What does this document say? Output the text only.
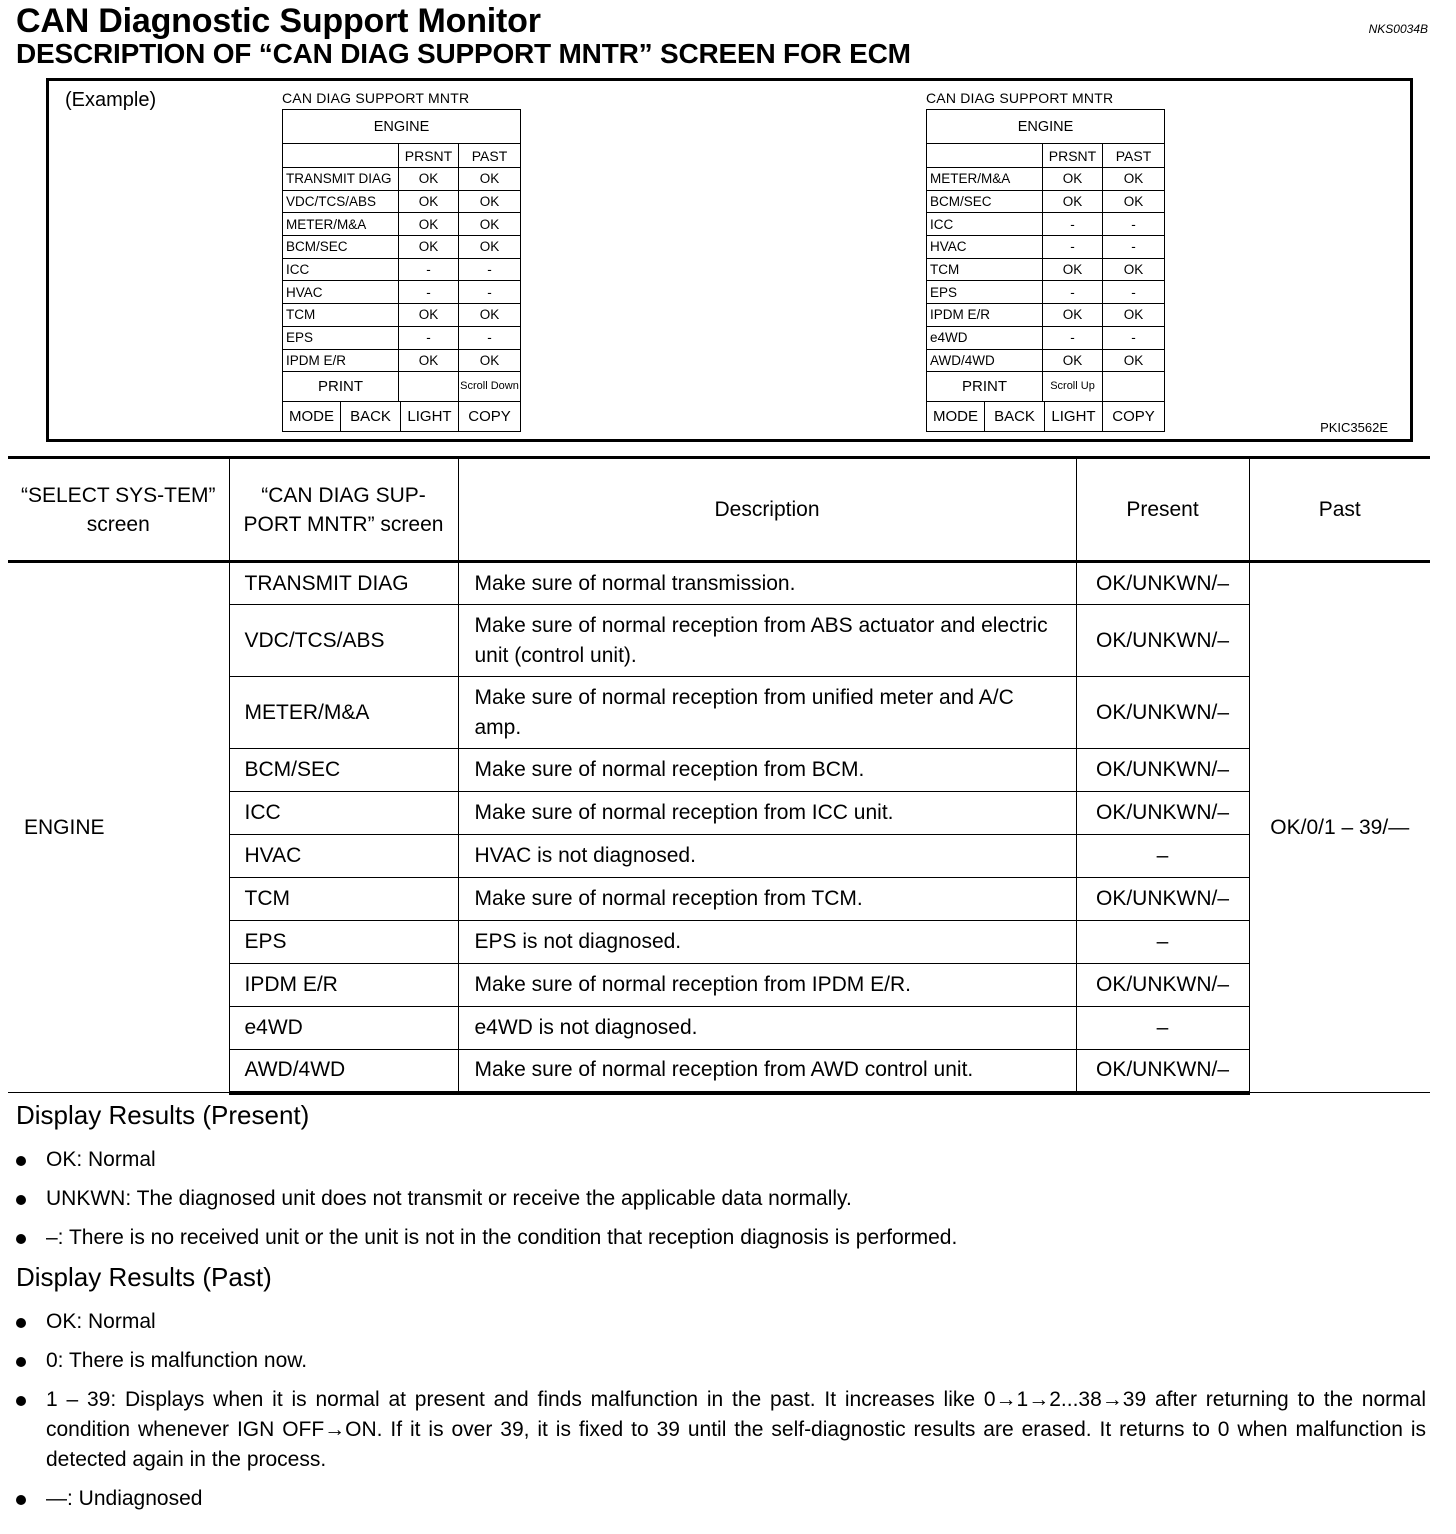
CAN Diagnostic Support Monitor
DESCRIPTION OF “CAN DIAG SUPPORT MNTR” SCREEN FOR ECM
NKS0034B
(Example)	CAN DIAG SUPPORT MNTR
ENGINE		
	PRSNT	PAST
TRANSMIT DIAG	OK	OK
VDC/TCS/ABS	OK	OK
METER/M&A	OK	OK
BCM/SEC	OK	OK
ICC	-	-
HVAC	-	-
TCM	OK	OK
EPS	-	-
IPDM E/R	OK	OK
PRINT		Scroll Down
MODE	BACK	LIGHT	COPY
CAN DIAG SUPPORT MNTR
ENGINE		
	PRSNT	PAST
METER/M&A	OK	OK
BCM/SEC	OK	OK
ICC	-	-
HVAC	-	-
TCM	OK	OK
EPS	-	-
IPDM E/R	OK	OK
e4WD	-	-
AWD/4WD	OK	OK
PRINT	Scroll Up	
MODE	BACK	LIGHT	COPY
PKIC3562E
“SELECT SYS-TEM” screen	“CAN DIAG SUP-PORT MNTR” screen	Description	Present	Past
ENGINE	TRANSMIT DIAG	Make sure of normal transmission.	OK/UNKWN/–	OK/0/1 – 39/—
	VDC/TCS/ABS	Make sure of normal reception from ABS actuator and electric unit (control unit).	OK/UNKWN/–	
	METER/M&A	Make sure of normal reception from unified meter and A/C amp.	OK/UNKWN/–	
	BCM/SEC	Make sure of normal reception from BCM.	OK/UNKWN/–	
	ICC	Make sure of normal reception from ICC unit.	OK/UNKWN/–	
	HVAC	HVAC is not diagnosed.	–	
	TCM	Make sure of normal reception from TCM.	OK/UNKWN/–	
	EPS	EPS is not diagnosed.	–	
	IPDM E/R	Make sure of normal reception from IPDM E/R.	OK/UNKWN/–	
	e4WD	e4WD is not diagnosed.	–	
	AWD/4WD	Make sure of normal reception from AWD control unit.	OK/UNKWN/–	
Display Results (Present)
OK: Normal
UNKWN: The diagnosed unit does not transmit or receive the applicable data normally.
–: There is no received unit or the unit is not in the condition that reception diagnosis is performed.
Display Results (Past)
OK: Normal
0: There is malfunction now.
1 – 39: Displays when it is normal at present and finds malfunction in the past. It increases like 0→1→2...38→39 after returning to the normal condition whenever IGN OFF→ON. If it is over 39, it is fixed to 39 until the self-diagnostic results are erased. It returns to 0 when malfunction is detected again in the process.
—: Undiagnosed
